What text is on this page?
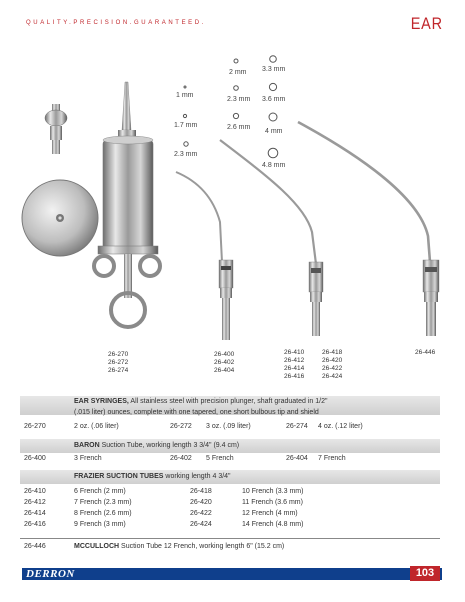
QUALITY.PRECISION.GUARANTEED.	EAR
1 mm
1.7 mm
2.3 mm
2 mm
2.3 mm
2.6 mm
3.3 mm
3.6 mm
4 mm
4.8 mm
26-270
26-272
26-274
26-400
26-402
26-404
26-410
26-412
26-414
26-416
26-418
26-420
26-422
26-424
26-446
EAR SYRINGES, All stainless steel with precision plunger, shaft graduated in 1/2"
(.015 liter) ounces, complete with one tapered, one short bulbous tip and shield
26-270	2 oz. (.06 liter)	26-272 3 oz. (.09 liter)	26-274 4 oz. (.12 liter)
BARON Suction Tube, working length 3 3/4" (9.4 cm)
26-400	3 French	26-402 5 French	26-404 7 French
FRAZIER SUCTION TUBES working length 4 3/4"
26-410	6 French (2 mm)	26-418	10 French (3.3 mm)
26-412	7 French (2.3 mm)	26-420	11 French (3.6 mm)
26-414	8 French (2.6 mm)	26-422	12 French (4 mm)
26-416	9 French (3 mm)	26-424	14 French (4.8 mm)
26-446	MCCULLOCH Suction Tube 12 French, working length 6" (15.2 cm)
DERRON	103
